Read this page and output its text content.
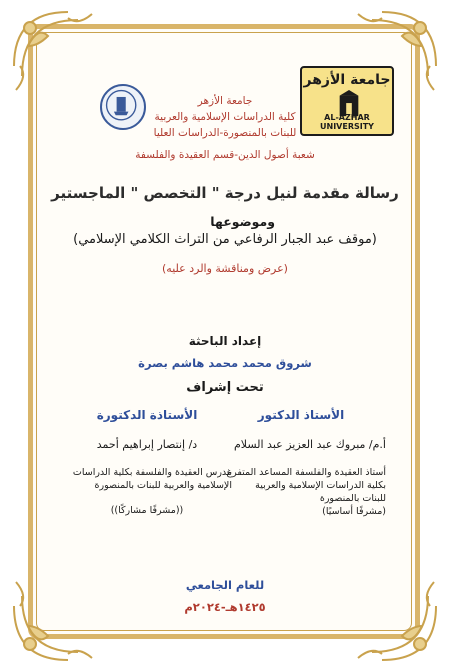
جامعة الأزهر
AL-AZHAR UNIVERSITY
جامعة الأزهر
كلية الدراسات الإسلامية والعربية
للبنات بالمنصورة-الدراسات العليا
شعبة أصول الدين-قسم العقيدة والفلسفة
رسالة مقدمة لنيل درجة " التخصص " الماجستير
وموضوعها
(موقف عبد الجبار الرفاعي من التراث الكلامي الإسلامي)
(عرض ومناقشة والرد عليه)
إعداد الباحثة
شروق محمد محمد هاشم بصرة
تحت إشراف
الأستاذ الدكتور
أ.م/ مبروك عبد العزيز عبد السلام
أستاذ العقيدة والفلسفة المساعد المتفرغ
بكلية الدراسات الإسلامية والعربية
للبنات بالمنصورة
(مشرفًا أساسيًا)
الأستاذة الدكتورة
د/ إنتصار إبراهيم أحمد
مدرس العقيدة والفلسفة بكلية الدراسات
الإسلامية والعربية للبنات بالمنصورة
((مشرفًا مشاركًا))
للعام الجامعي
١٤٢٥هـ-٢٠٢٤م
